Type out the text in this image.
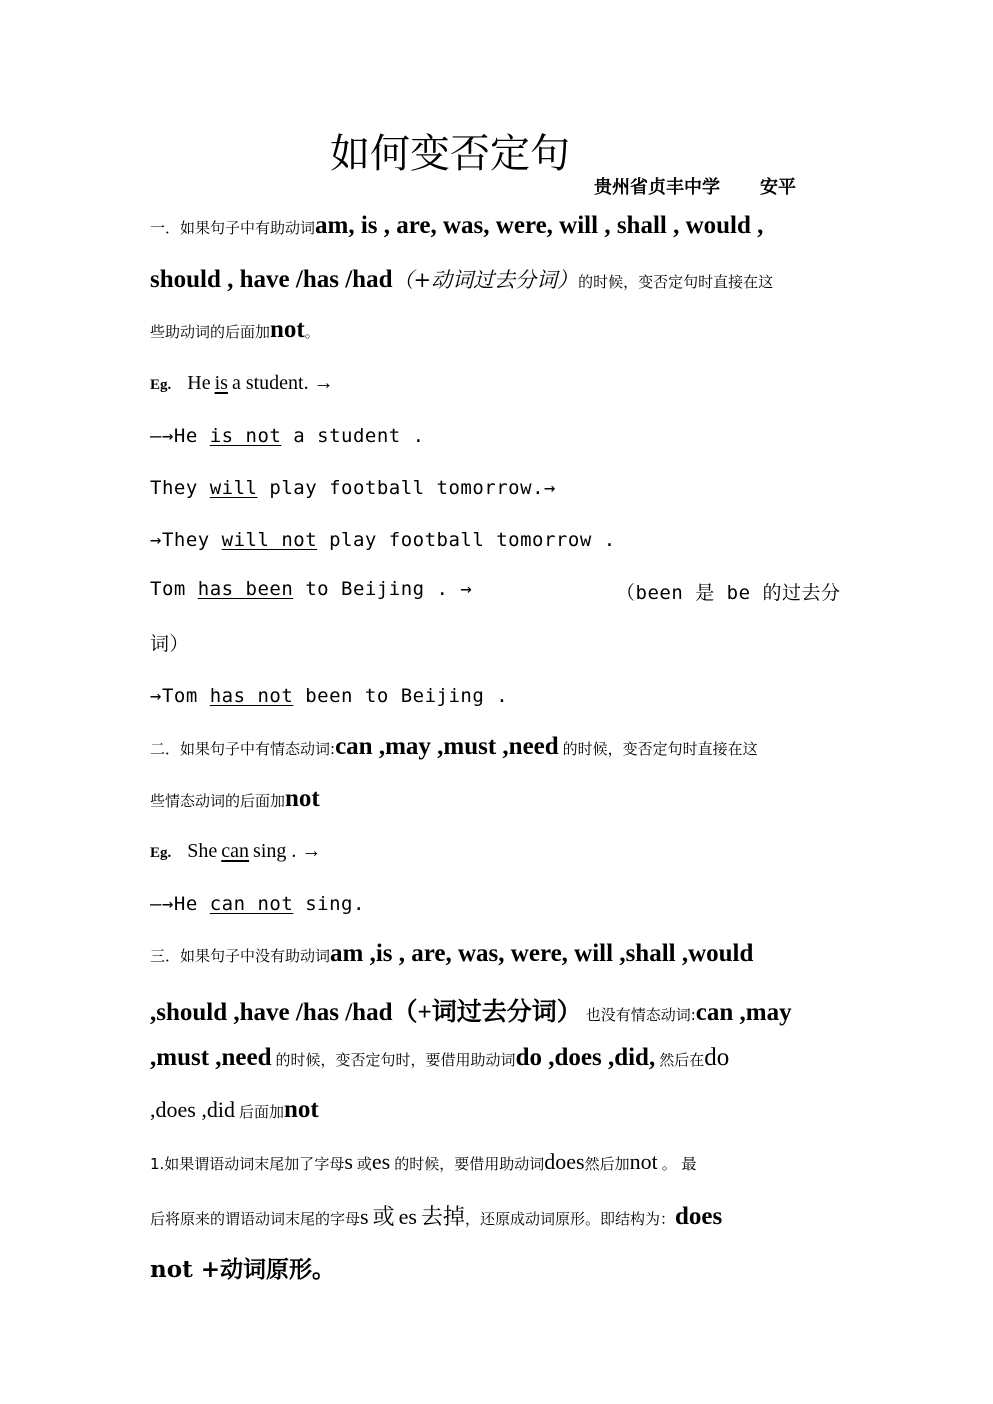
如何变否定句
贵州省贞丰中学 安平
一．如果句子中有助动词am, is , are, was, were, will , shall , would ,
should , have /has /had（+动词过去分词）的时候，变否定句时直接在这
些助动词的后面加not。
Eg. He is a student. →
—→He is not a student .
They will play football tomorrow.→
→They will not play football tomorrow .
Tom has been to Beijing . →	（been 是 be 的过去分
词）
→Tom has not been to Beijing .
二．如果句子中有情态动词:can ,may ,must ,need 的时候，变否定句时直接在这
些情态动词的后面加not
Eg. She can sing . →
—→He can not sing.
三．如果句子中没有助动词am ,is , are, was, were, will ,shall ,would
,should ,have /has /had（+词过去分词） 也没有情态动词:can ,may
,must ,need 的时候，变否定句时，要借用助动词do ,does ,did, 然后在do
,does ,did 后面加not
1.如果谓语动词末尾加了字母s 或es 的时候，要借用助动词does然后加not 。 最
后将原来的谓语动词末尾的字母s 或 es 去掉，还原成动词原形。即结构为：does
not +动词原形。
